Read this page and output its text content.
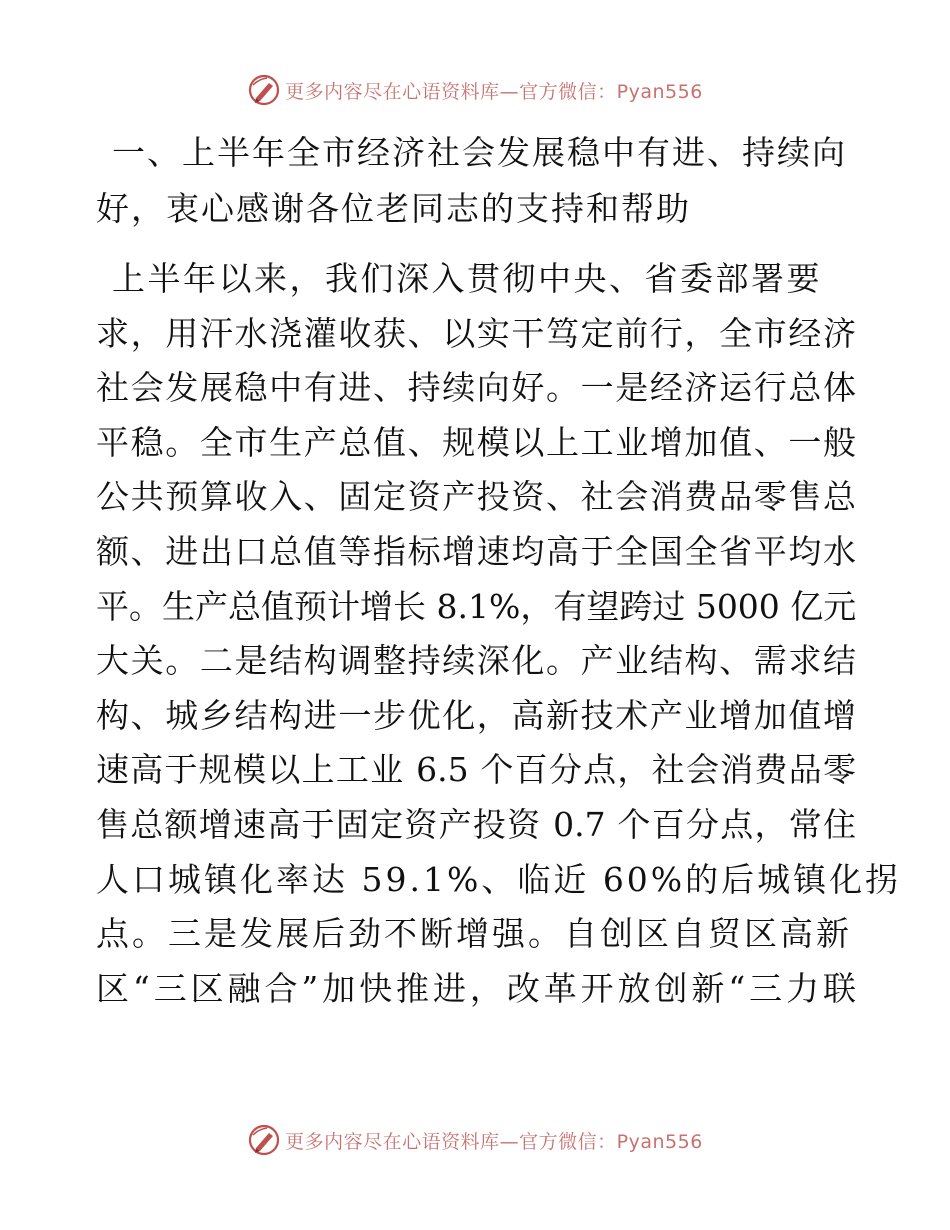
更多内容尽在心语资料库—官方微信：Pyan556
一、上半年全市经济社会发展稳中有进、持续向好，衷心感谢各位老同志的支持和帮助
上半年以来，我们深入贯彻中央、省委部署要
求，用汗水浇灌收获、以实干笃定前行，全市经济
社会发展稳中有进、持续向好。一是经济运行总体
平稳。全市生产总值、规模以上工业增加值、一般
公共预算收入、固定资产投资、社会消费品零售总
额、进出口总值等指标增速均高于全国全省平均水
平。生产总值预计增长 8.1%，有望跨过 5000 亿元
大关。二是结构调整持续深化。产业结构、需求结
构、城乡结构进一步优化，高新技术产业增加值增
速高于规模以上工业 6.5 个百分点，社会消费品零
售总额增速高于固定资产投资 0.7 个百分点，常住
人口城镇化率达 59.1%、临近 60%的后城镇化拐
点。三是发展后劲不断增强。自创区自贸区高新
区“三区融合”加快推进，改革开放创新“三力联
更多内容尽在心语资料库—官方微信：Pyan556
